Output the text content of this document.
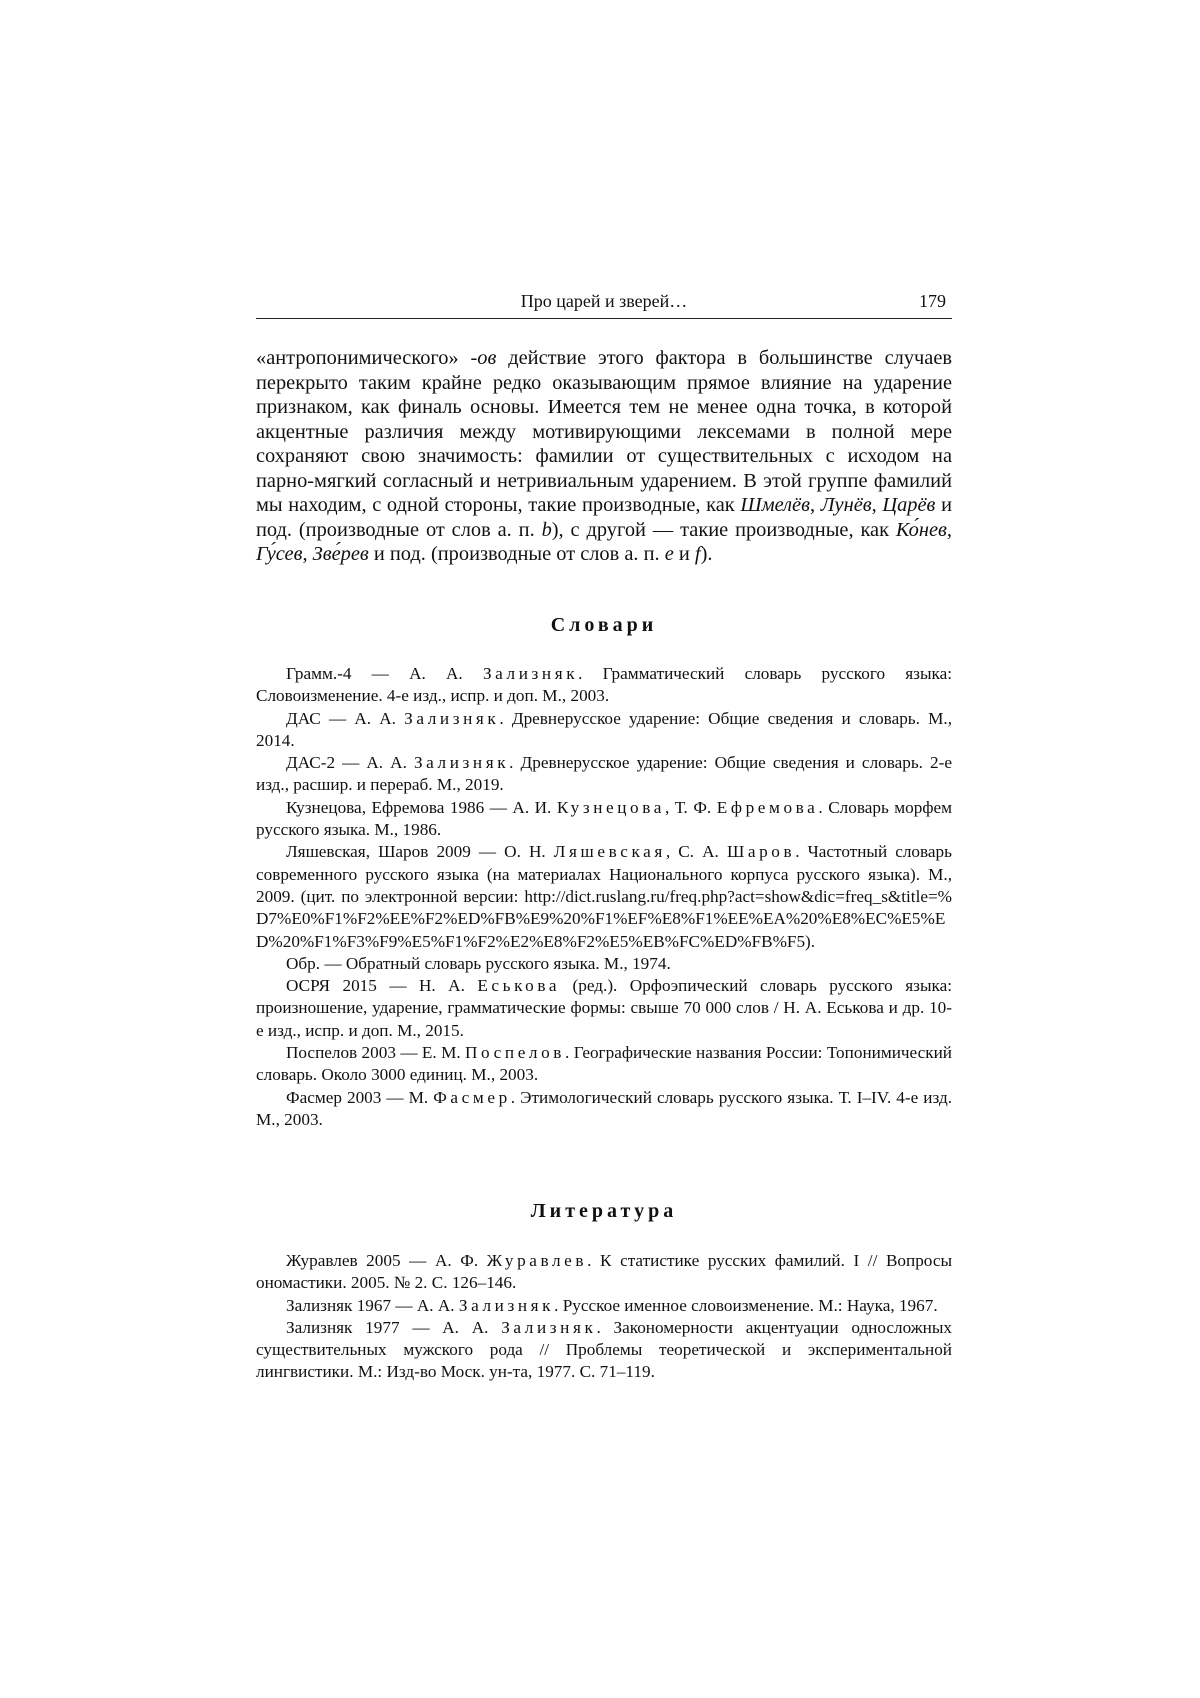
Про царей и зверей…	179

«антропонимического» -ов действие этого фактора в большинстве случаев перекрыто таким крайне редко оказывающим прямое влияние на ударение признаком, как финаль основы. Имеется тем не менее одна точка, в которой акцентные различия между мотивирующими лексемами в полной мере сохраняют свою значимость: фамилии от существительных с исходом на парно-мягкий согласный и нетривиальным ударением. В этой группе фамилий мы находим, с одной стороны, такие производные, как Шмелёв, Лунёв, Царёв и под. (производные от слов а. п. b), с другой — такие производные, как Ко́нев, Гу́сев, Зве́рев и под. (производные от слов а. п. e и f).

Словари

Грамм.-4 — А. А. Зализняк. Грамматический словарь русского языка: Словоизменение. 4-е изд., испр. и доп. М., 2003.

ДАС — А. А. Зализняк. Древнерусское ударение: Общие сведения и словарь. М., 2014.

ДАС-2 — А. А. Зализняк. Древнерусское ударение: Общие сведения и словарь. 2-е изд., расшир. и перераб. М., 2019.

Кузнецова, Ефремова 1986 — А. И. Кузнецова, Т. Ф. Ефремова. Словарь морфем русского языка. М., 1986.

Ляшевская, Шаров 2009 — О. Н. Ляшевская, С. А. Шаров. Частотный словарь современного русского языка (на материалах Национального корпуса русского языка). М., 2009. (цит. по электронной версии: http://dict.ruslang.ru/freq.php?act=show&dic=freq_s&title=%D7%E0%F1%F2%EE%F2%ED%FB%E9%20%F1%EF%E8%F1%EE%EA%20%E8%EC%E5%ED%20%F1%F3%F9%E5%F1%F2%E2%E8%F2%E5%EB%FC%ED%FB%F5).

Обр. — Обратный словарь русского языка. М., 1974.

ОСРЯ 2015 — Н. А. Еськова (ред.). Орфоэпический словарь русского языка: произношение, ударение, грамматические формы: свыше 70 000 слов / Н. А. Еськова и др. 10-е изд., испр. и доп. М., 2015.

Поспелов 2003 — Е. М. Поспелов. Географические названия России: Топонимический словарь. Около 3000 единиц. М., 2003.

Фасмер 2003 — М. Фасмер. Этимологический словарь русского языка. Т. I–IV. 4-е изд. М., 2003.

Литература

Журавлев 2005 — А. Ф. Журавлев. К статистике русских фамилий. I // Вопросы ономастики. 2005. № 2. С. 126–146.

Зализняк 1967 — А. А. Зализняк. Русское именное словоизменение. М.: Наука, 1967.

Зализняк 1977 — А. А. Зализняк. Закономерности акцентуации односложных существительных мужского рода // Проблемы теоретической и экспериментальной лингвистики. М.: Изд-во Моск. ун-та, 1977. С. 71–119.
